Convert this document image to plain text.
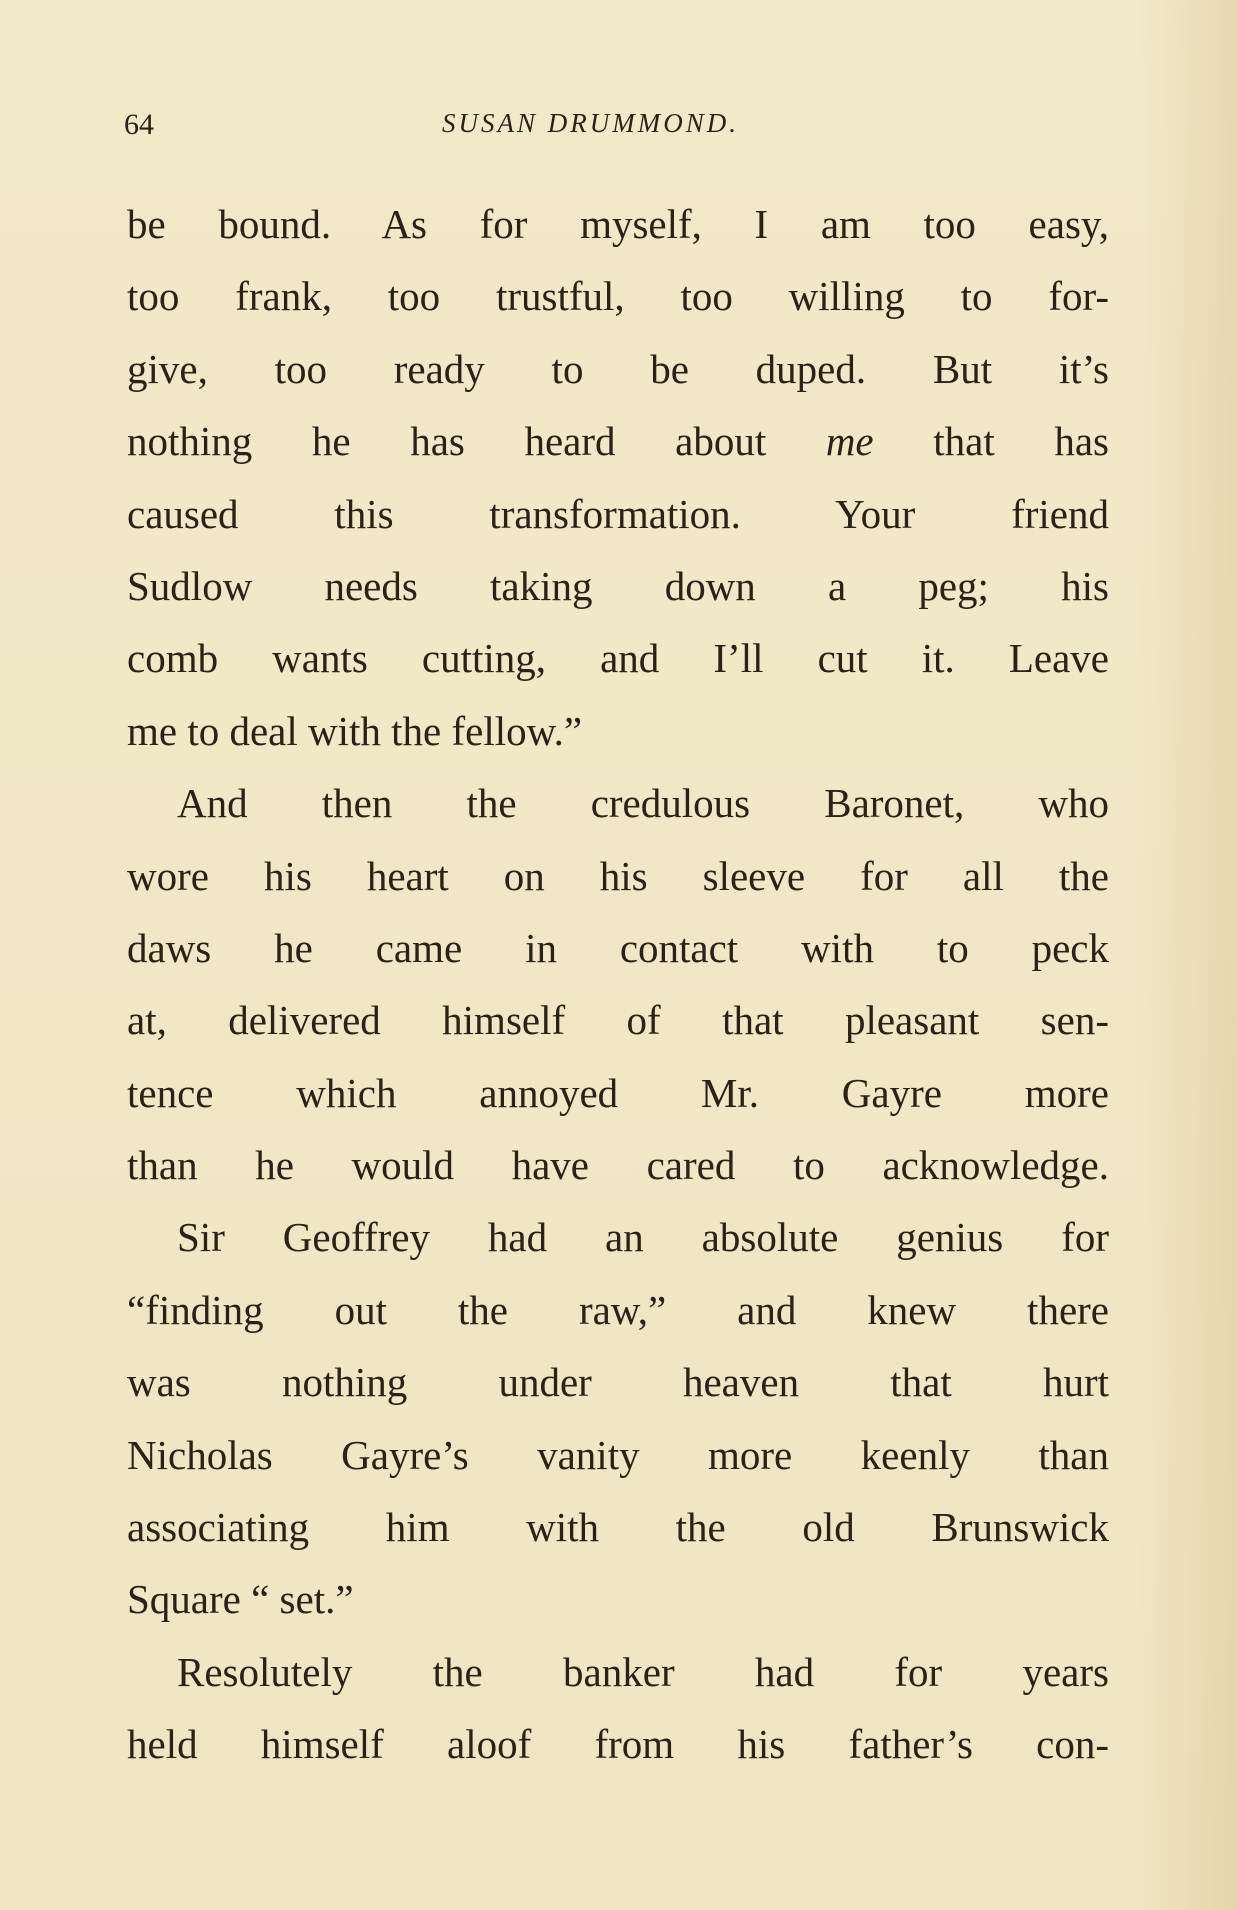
64	SUSAN DRUMMOND.
be bound. As for myself, I am too easy,
too frank, too trustful, too willing to for-
give, too ready to be duped. But it’s
nothing he has heard about me that has
caused this transformation. Your friend
Sudlow needs taking down a peg; his
comb wants cutting, and I’ll cut it. Leave
me to deal with the fellow.”
And then the credulous Baronet, who
wore his heart on his sleeve for all the
daws he came in contact with to peck
at, delivered himself of that pleasant sen-
tence which annoyed Mr. Gayre more
than he would have cared to acknowledge.
Sir Geoffrey had an absolute genius for
“finding out the raw,” and knew there
was nothing under heaven that hurt
Nicholas Gayre’s vanity more keenly than
associating him with the old Brunswick
Square “ set.”
Resolutely the banker had for years
held himself aloof from his father’s con-
